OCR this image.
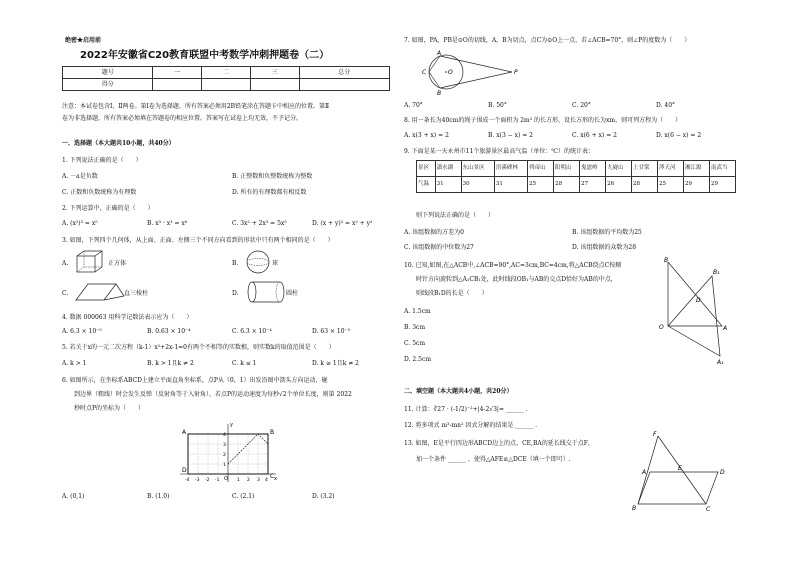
绝密★启用前
2022年安徽省C20教育联盟中考数学冲刺押题卷（二）
题号	一	二	三	总分
得分				
注意：本试卷包含Ⅰ、Ⅱ两卷。第Ⅰ卷为选择题，所有答案必须用2B铅笔涂在答题卡中相应的位置。第Ⅱ
卷为非选择题，所有答案必须填在答题卷的相应位置。答案写在试卷上均无效，不予记分。
一、选择题（本大题共10小题，共40分）
1. 下列说法正确的是（　　）
A. －a是负数	B. 正整数和负整数统称为整数
C. 正数和负数统称为有理数	D. 所有的有理数都有相反数
2. 下列运算中，正确的是（　　）
A. (x²)³ = x⁵	B. x³ · x³ = x⁶	C. 3x² + 2x³ = 5x⁵	D. (x + y)² = x² + y²
3. 如图，下列四个几何体，从上面、正面、左侧三个不同方向看到的形状中只有两个相同的是（　　）
A.	正方体	B.	球
C.	直三棱柱	D.	圆柱
4. 数据 000063 用科学记数法表示应为（　　）
A. 6.3 × 10⁻⁵	B. 0.63 × 10⁻⁴	C. 6.3 × 10⁻⁴	D. 63 × 10⁻⁵
5. 若关于x的一元二次方程（k-1）x²+2x-1=0有两个不相等的实数根，则实数k的取值范围是（　　）
A. k > 1	B. k > 1且k ≠ 2	C. k ≤ 1	D. k ≥ 1且k ≠ 2
6. 如图所示，在坐标系ABCD上建立平面直角坐标系，点P从（0，1）出发沿图中箭头方向运动，碰
到边界（粗线）时会发生反弹（反射角等于入射角），若点P的运动速度为每秒√2个单位长度，则第 2022
秒时点P的坐标为（　　）
A	B
C
D
O	x
y
-4 -3 -2 -1	1 2 3 4
4
3
2
1
A. (0,1)	B. (1.0)	C. (2.1)	D. (3.2)
7. 如图，PA，PB是⊙O的切线，A，B为切点，点C为⊙O上一点，若∠ACB=70°，则∠P的度数为（　　）
A
B
C	O	P
A. 70°	B. 50°	C. 20°	D. 40°
8. 用一条长为40cm的绳子围成一个面积为 2m² 的长方形，设长方形的长为xm，则可列方程为（　　）
A. x(3 + x) = 2	B. x(3 − x) = 2	C. x(6 + x) = 2	D. x(6 − x) = 2
9. 下面是某一天永州市11个旅游景区最高气温（单位：℃）的统计表：
景区	潇水湖	东山景区	浯溪碑林	舜帝山	阳明山	鬼崽岭	九嶷山	上甘棠	涔天河	湘江源	南武当
气温	31	30	31	25	28	27	26	28	25	29	29
则下列说法正确的是（　　）
A. 该组数据的方差为0	B. 该组数据的平均数为25
C. 该组数据的中位数为27	D. 该组数据的众数为28
10. 已知,如图,在△ACB中,∠ACB=90°,AC=3cm,BC=4cm,将△ACB绕点C按顺
时针方向旋转到△A₁CB₁处，此时线段OB₁与AB的交点D恰好为AB的中点，
则线段B₁D的长是（　　）
B
B₁
D
O	A
A₁
A. 1.5cm
B. 3cm
C. 5cm
D. 2.5cm
二、填空题（本大题共4小题，共20分）
11. 计算：∛27 · (-1/2)⁻²+|4-2√3|= ______ .
12. 将多项式 m³-mn² 因式分解的结果是 ______ .
13. 如图，E是平行四边形ABCD边上的点，CE,BA的延长线交于点F，
加一个条件 ______ ，使得△AFE≌△DCE（填一个即可）.
F
A
E
D
B	C
